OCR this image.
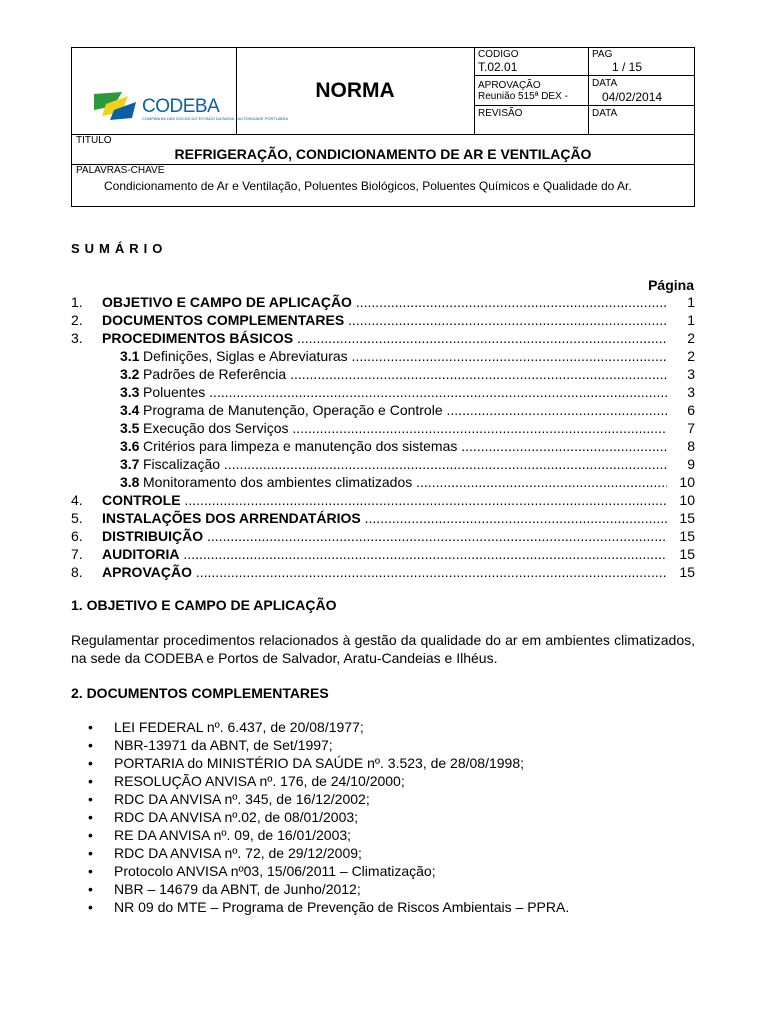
CODEBA
COMPANHIA DAS DOCAS DO ESTADO DA BAHIA · AUTORIDADE PORTUÁRIA
NORMA
CODIGO
T.02.01
PAG
1 / 15
APROVAÇÃO
Reunião 515ª DEX -
DATA
04/02/2014
REVISÃO	DATA
TITULO
REFRIGERAÇÃO, CONDICIONAMENTO DE AR E VENTILAÇÃO
PALAVRAS-CHAVE
Condicionamento de Ar e Ventilação, Poluentes Biológicos, Poluentes Químicos e Qualidade do Ar.
SUMÁRIO
Página
1. OBJETIVO E CAMPO DE APLICAÇÃO .....	1
2. DOCUMENTOS COMPLEMENTARES .....	1
3. PROCEDIMENTOS BÁSICOS .....	2
3.1 Definições, Siglas e Abreviaturas .....	2
3.2 Padrões de Referência .....	3
3.3 Poluentes .....	3
3.4 Programa de Manutenção, Operação e Controle .....	6
3.5 Execução dos Serviços .....	7
3.6 Critérios para limpeza e manutenção dos sistemas .....	8
3.7 Fiscalização .....	9
3.8 Monitoramento dos ambientes climatizados .....	10
4. CONTROLE .....	10
5. INSTALAÇÕES DOS ARRENDATÁRIOS .....	15
6. DISTRIBUIÇÃO .....	15
7. AUDITORIA .....	15
8. APROVAÇÃO .....	15
1. OBJETIVO E CAMPO DE APLICAÇÃO
Regulamentar procedimentos relacionados à gestão da qualidade do ar em ambientes climatizados, na sede da CODEBA e Portos de Salvador, Aratu-Candeias e Ilhéus.
2. DOCUMENTOS COMPLEMENTARES
• LEI FEDERAL nº. 6.437, de 20/08/1977;
• NBR-13971 da ABNT, de Set/1997;
• PORTARIA do MINISTÉRIO DA SAÚDE nº. 3.523, de 28/08/1998;
• RESOLUÇÃO ANVISA nº. 176, de 24/10/2000;
• RDC DA ANVISA nº. 345, de 16/12/2002;
• RDC DA ANVISA nº.02, de 08/01/2003;
• RE DA ANVISA nº. 09, de 16/01/2003;
• RDC DA ANVISA nº. 72, de 29/12/2009;
• Protocolo ANVISA nº03, 15/06/2011 – Climatização;
• NBR – 14679 da ABNT, de Junho/2012;
• NR 09 do MTE – Programa de Prevenção de Riscos Ambientais – PPRA.
